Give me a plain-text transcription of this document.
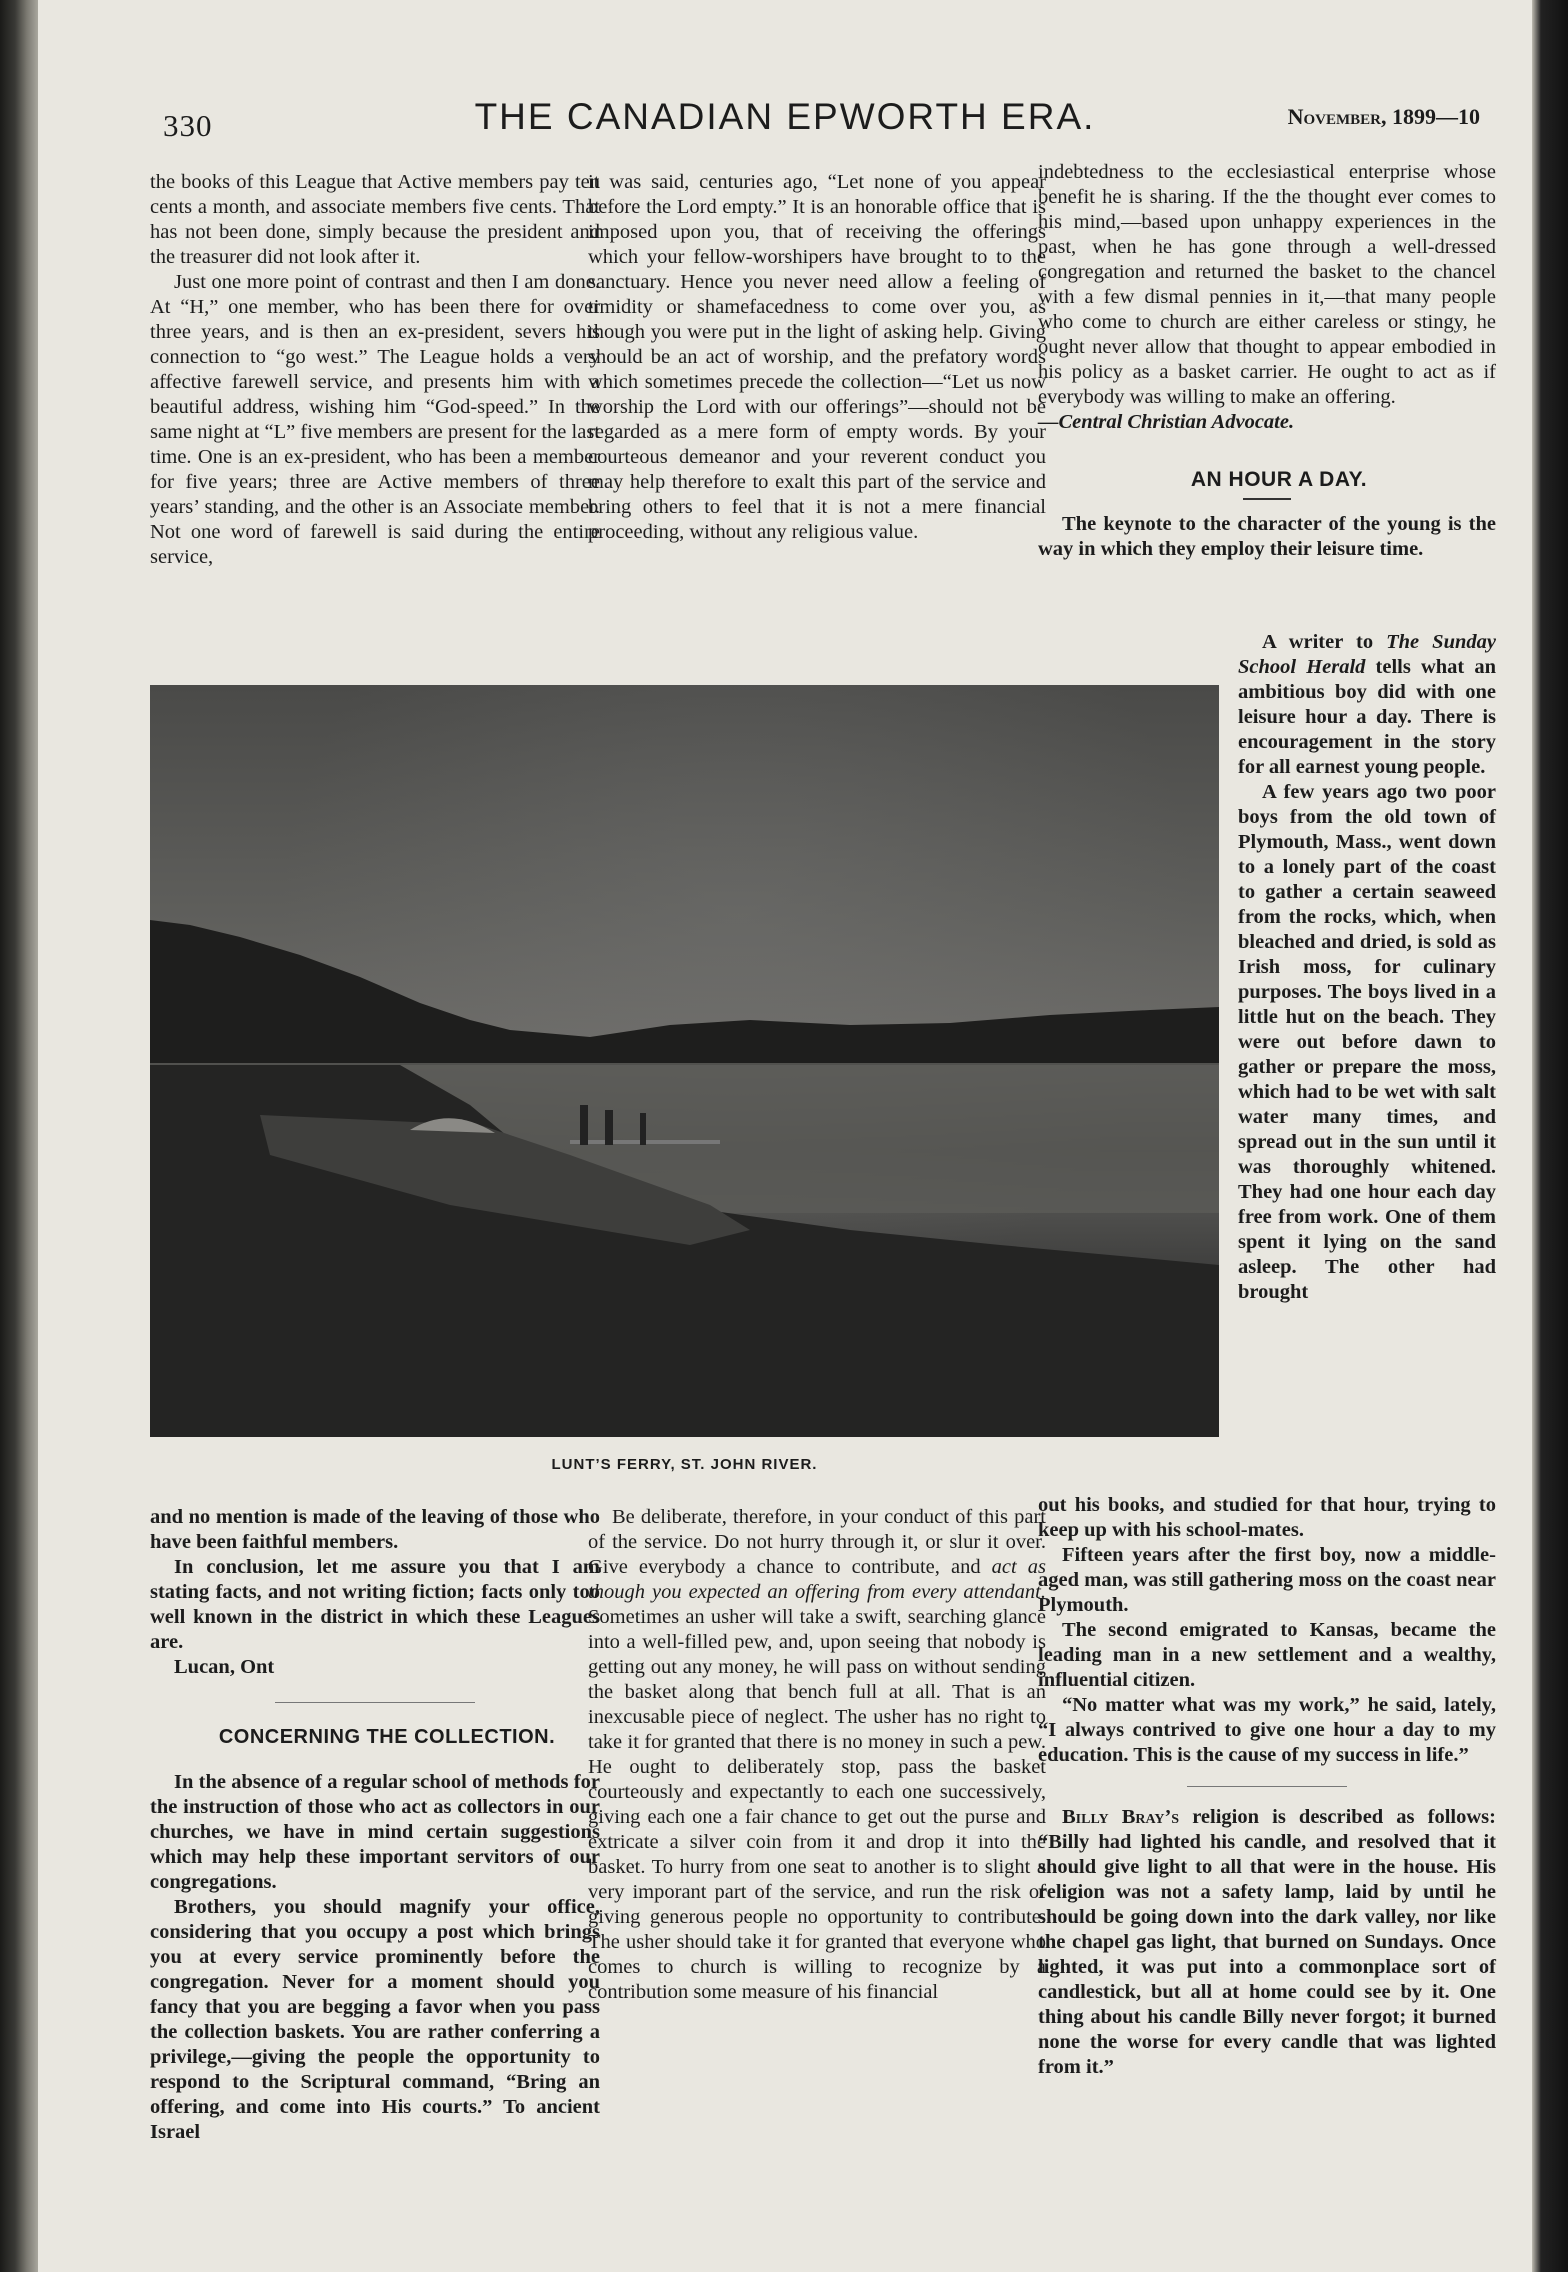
330	THE CANADIAN EPWORTH ERA.	November, 1899—10

the books of this League that Active members pay ten cents a month, and associate members five cents. That has not been done, simply because the president and the treasurer did not look after it.

Just one more point of contrast and then I am done. At “H,” one member, who has been there for over three years, and is then an ex-president, severs his connection to “go west.” The League holds a very affective farewell service, and presents him with a beautiful address, wishing him “God-speed.” In the same night at “L” five members are present for the last time. One is an ex-president, who has been a member for five years; three are Active members of three years’ standing, and the other is an Associate member. Not one word of farewell is said during the entire service,

it was said, centuries ago, “Let none of you appear before the Lord empty.” It is an honorable office that is imposed upon you, that of receiving the offerings which your fellow-worshipers have brought to to the sanctuary. Hence you never need allow a feeling of timidity or shamefacedness to come over you, as though you were put in the light of asking help. Giving should be an act of worship, and the prefatory words which sometimes precede the collection—“Let us now worship the Lord with our offerings”—should not be regarded as a mere form of empty words. By your courteous demeanor and your reverent conduct you may help therefore to exalt this part of the service and bring others to feel that it is not a mere financial proceeding, without any religious value.

indebtedness to the ecclesiastical enterprise whose benefit he is sharing. If the the thought ever comes to his mind,—based upon unhappy experiences in the past, when he has gone through a well-dressed congregation and returned the basket to the chancel with a few dismal pennies in it,—that many people who come to church are either careless or stingy, he ought never allow that thought to appear embodied in his policy as a basket carrier. He ought to act as if everybody was willing to make an offering.

—Central Christian Advocate.

AN HOUR A DAY.

The keynote to the character of the young is the way in which they employ their leisure time.

LUNT’S FERRY, ST. JOHN RIVER.
A writer to The Sunday School Herald tells what an ambitious boy did with one leisure hour a day. There is encouragement in the story for all earnest young people.
A few years ago two poor boys from the old town of Plymouth, Mass., went down to a lonely part of the coast to gather a certain seaweed from the rocks, which, when bleached and dried, is sold as Irish moss, for culinary purposes. The boys lived in a little hut on the beach. They were out before dawn to gather or prepare the moss, which had to be wet with salt water many times, and spread out in the sun until it was thoroughly whitened. They had one hour each day free from work. One of them spent it lying on the sand asleep. The other had brought

out his books, and studied for that hour, trying to keep up with his school-mates.

Fifteen years after the first boy, now a middle-aged man, was still gathering moss on the coast near Plymouth.

The second emigrated to Kansas, became the leading man in a new settlement and a wealthy, influential citizen.

“No matter what was my work,” he said, lately, “I always contrived to give one hour a day to my education. This is the cause of my success in life.”

Billy Bray’s religion is described as follows: “Billy had lighted his candle, and resolved that it should give light to all that were in the house. His religion was not a safety lamp, laid by until he should be going down into the dark valley, nor like the chapel gas light, that burned on Sundays. Once lighted, it was put into a commonplace sort of candlestick, but all at home could see by it. One thing about his candle Billy never forgot; it burned none the worse for every candle that was lighted from it.”

and no mention is made of the leaving of those who have been faithful members.

In conclusion, let me assure you that I am stating facts, and not writing fiction; facts only too well known in the district in which these Leagues are.

Lucan, Ont

CONCERNING THE COLLECTION.

In the absence of a regular school of methods for the instruction of those who act as collectors in our churches, we have in mind certain suggestions which may help these important servitors of our congregations.

Brothers, you should magnify your office, considering that you occupy a post which brings you at every service prominently before the congregation. Never for a moment should you fancy that you are begging a favor when you pass the collection baskets. You are rather conferring a privilege,—giving the people the opportunity to respond to the Scriptural command, “Bring an offering, and come into His courts.” To ancient Israel

Be deliberate, therefore, in your conduct of this part of the service. Do not hurry through it, or slur it over. Give everybody a chance to contribute, and act as though you expected an offering from every attendant. Sometimes an usher will take a swift, searching glance into a well-filled pew, and, upon seeing that nobody is getting out any money, he will pass on without sending the basket along that bench full at all. That is an inexcusable piece of neglect. The usher has no right to take it for granted that there is no money in such a pew. He ought to deliberately stop, pass the basket courteously and expectantly to each one successively, giving each one a fair chance to get out the purse and extricate a silver coin from it and drop it into the basket. To hurry from one seat to another is to slight a very imporant part of the service, and run the risk of giving generous people no opportunity to contribute. The usher should take it for granted that everyone who comes to church is willing to recognize by a contribution some measure of his financial
